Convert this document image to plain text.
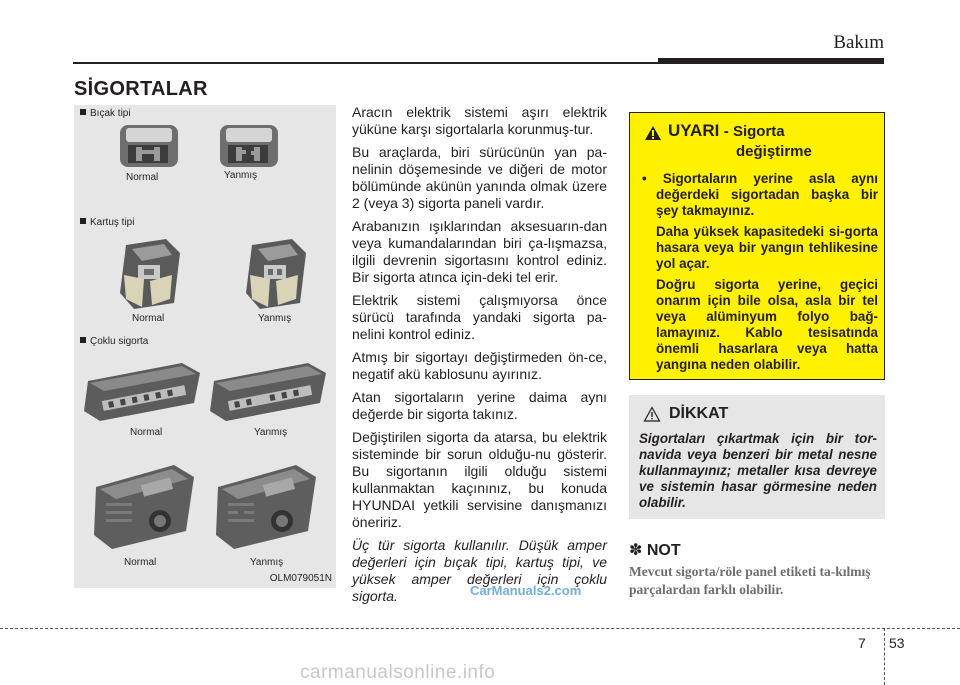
Bakım
SİGORTALAR
Bıçak tipi
Normal	Yanmış
Kartuş tipi
Normal	Yanmış
Çoklu sigorta
Normal	Yanmış
Normal	Yanmış
OLM079051N

Aracın elektrik sistemi aşırı elektrik yüküne karşı sigortalarla korunmuş-tur.

Bu araçlarda, biri sürücünün yan pa-nelinin döşemesinde ve diğeri de motor bölümünde akünün yanında olmak üzere 2 (veya 3) sigorta paneli vardır.

Arabanızın ışıklarından aksesuarın-dan veya kumandalarından biri ça-lışmazsa, ilgili devrenin sigortasını kontrol ediniz. Bir sigorta atınca için-deki tel erir.

Elektrik sistemi çalışmıyorsa önce sürücü tarafında yandaki sigorta pa-nelini kontrol ediniz.

Atmış bir sigortayı değiştirmeden ön-ce, negatif akü kablosunu ayırınız.

Atan sigortaların yerine daima aynı değerde bir sigorta takınız.

Değiştirilen sigorta da atarsa, bu elektrik sisteminde bir sorun olduğu-nu gösterir. Bu sigortanın ilgili olduğu sistemi kullanmaktan kaçınınız, bu konuda HYUNDAI yetkili servisine danışmanızı öneririz.

Üç tür sigorta kullanılır. Düşük amper değerleri için bıçak tipi, kartuş tipi, ve yüksek amper değerleri için çoklu sigorta.	CarManuals2.com
UYARI - Sigorta
değiştirme

• Sigortaların yerine asla aynı değerdeki sigortadan başka bir şey takmayınız.

Daha yüksek kapasitedeki si-gorta hasara veya bir yangın tehlikesine yol açar.

Doğru sigorta yerine, geçici onarım için bile olsa, asla bir tel veya alüminyum folyo bağ-lamayınız. Kablo tesisatında önemli hasarlara veya hatta yangına neden olabilir.

DİKKAT
Sigortaları çıkartmak için bir tor-navida veya benzeri bir metal nesne kullanmayınız; metaller kısa devreye ve sistemin hasar görmesine neden olabilir.
✽ NOT
Mevcut sigorta/röle panel etiketi ta-kılmış parçalardan farklı olabilir.
7 53
carmanualsonline.info
